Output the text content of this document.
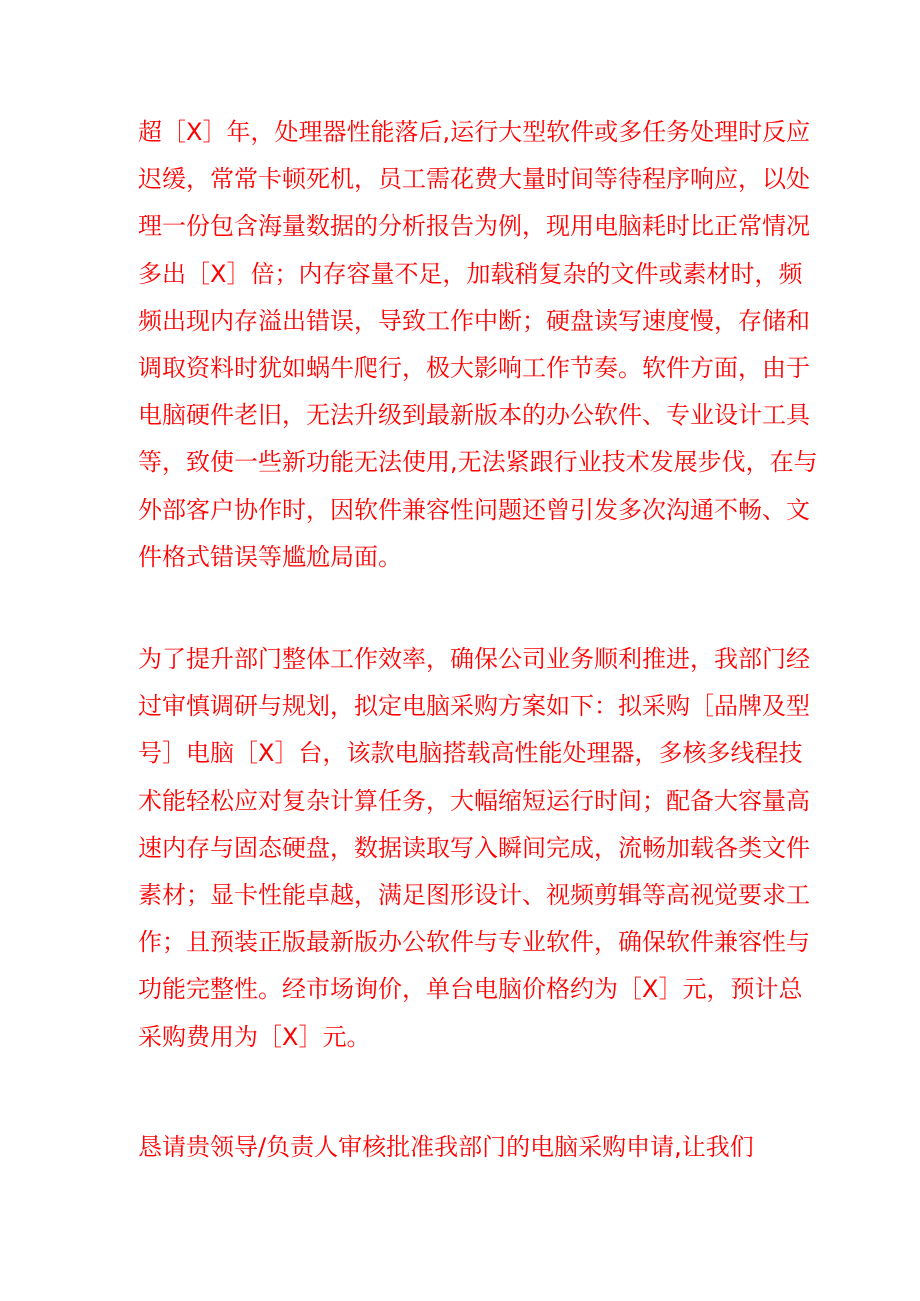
超［X］年，处理器性能落后,运行大型软件或多任务处理时反应
迟缓，常常卡顿死机，员工需花费大量时间等待程序响应，以处
理一份包含海量数据的分析报告为例，现用电脑耗时比正常情况
多出［X］倍；内存容量不足，加载稍复杂的文件或素材时，频
频出现内存溢出错误，导致工作中断；硬盘读写速度慢，存储和
调取资料时犹如蜗牛爬行，极大影响工作节奏。软件方面，由于
电脑硬件老旧，无法升级到最新版本的办公软件、专业设计工具
等，致使一些新功能无法使用,无法紧跟行业技术发展步伐，在与
外部客户协作时，因软件兼容性问题还曾引发多次沟通不畅、文
件格式错误等尴尬局面。

为了提升部门整体工作效率，确保公司业务顺利推进，我部门经
过审慎调研与规划，拟定电脑采购方案如下：拟采购［品牌及型
号］电脑［X］台，该款电脑搭载高性能处理器，多核多线程技
术能轻松应对复杂计算任务，大幅缩短运行时间；配备大容量高
速内存与固态硬盘，数据读取写入瞬间完成，流畅加载各类文件
素材；显卡性能卓越，满足图形设计、视频剪辑等高视觉要求工
作；且预装正版最新版办公软件与专业软件，确保软件兼容性与
功能完整性。经市场询价，单台电脑价格约为［X］元，预计总
采购费用为［X］元。

恳请贵领导/负责人审核批准我部门的电脑采购申请,让我们
